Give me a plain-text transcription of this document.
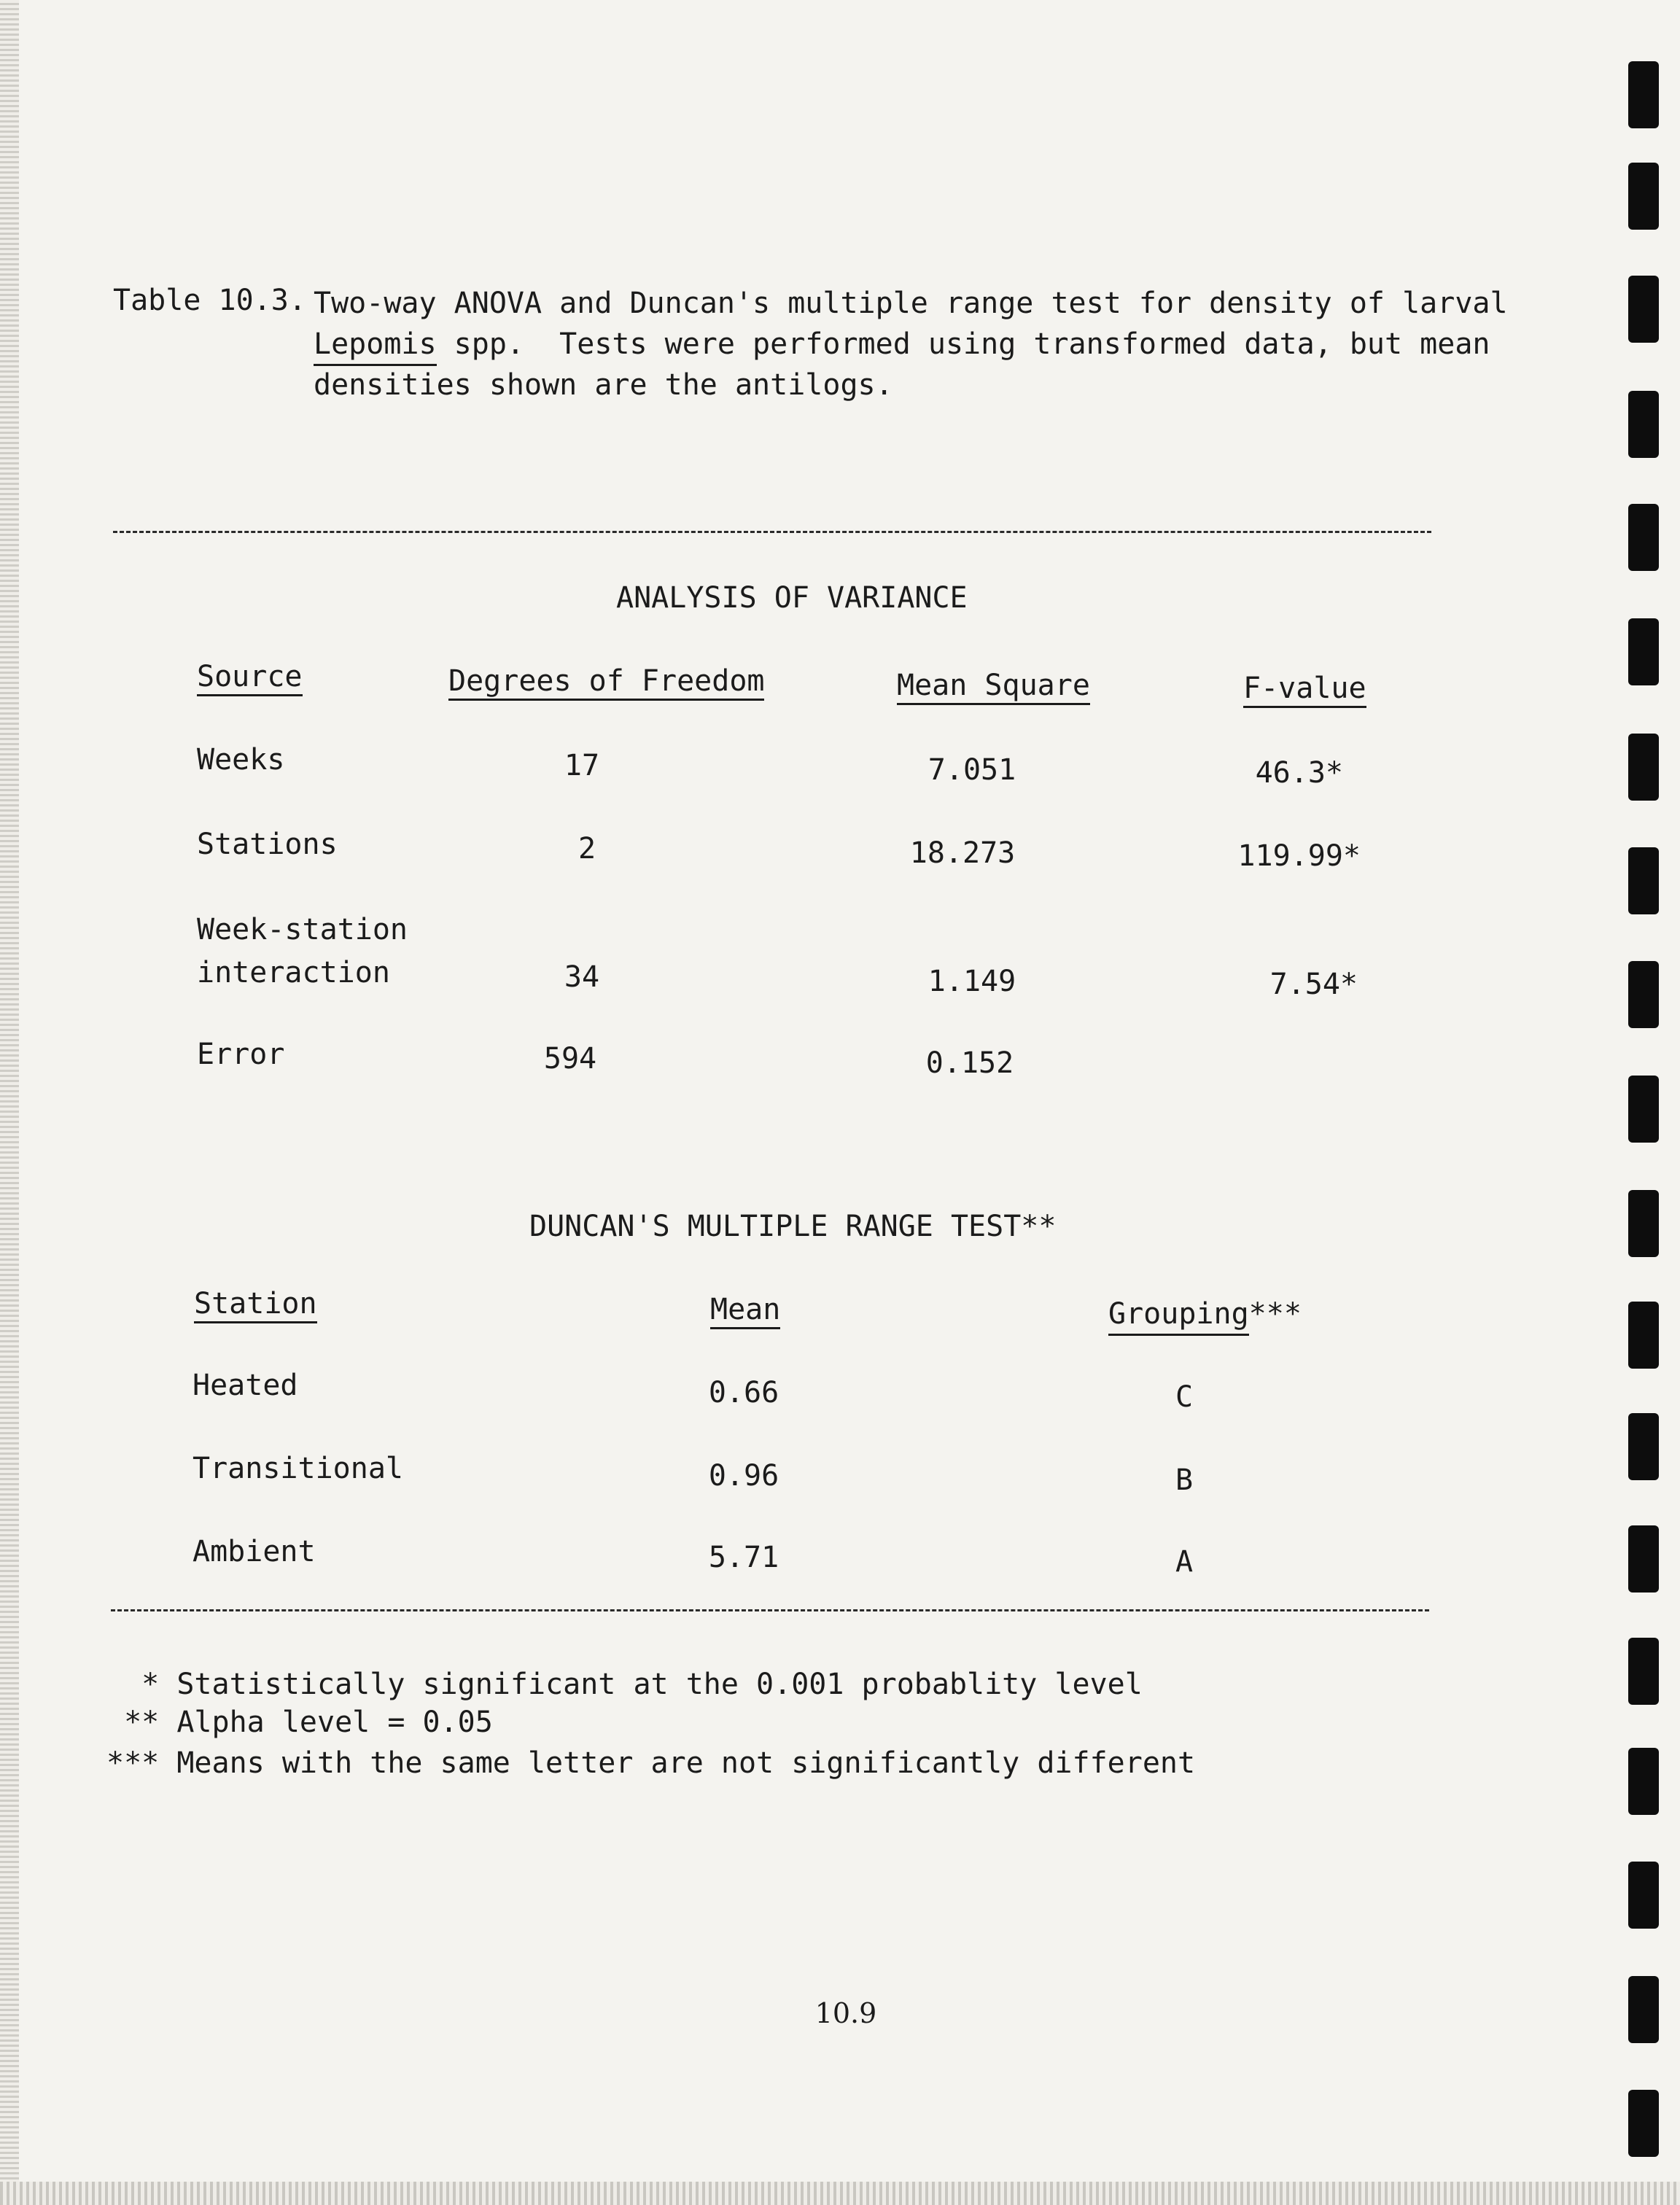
Table 10.3. Two-way ANOVA and Duncan's multiple range test for density of larval
Lepomis spp.  Tests were performed using transformed data, but mean
densities shown are the antilogs.
ANALYSIS OF VARIANCE
Source	Degrees of Freedom	Mean Square	F-value
Weeks	17	7.051	46.3*
Stations	2	18.273	119.99*
Week-station
interaction	34	1.149	7.54*
Error	594	0.152
DUNCAN'S MULTIPLE RANGE TEST**
Station	Mean	Grouping***
Heated	0.66	C
Transitional	0.96	B
Ambient	5.71	A
* Statistically significant at the 0.001 probablity level
** Alpha level = 0.05
*** Means with the same letter are not significantly different
10.9
